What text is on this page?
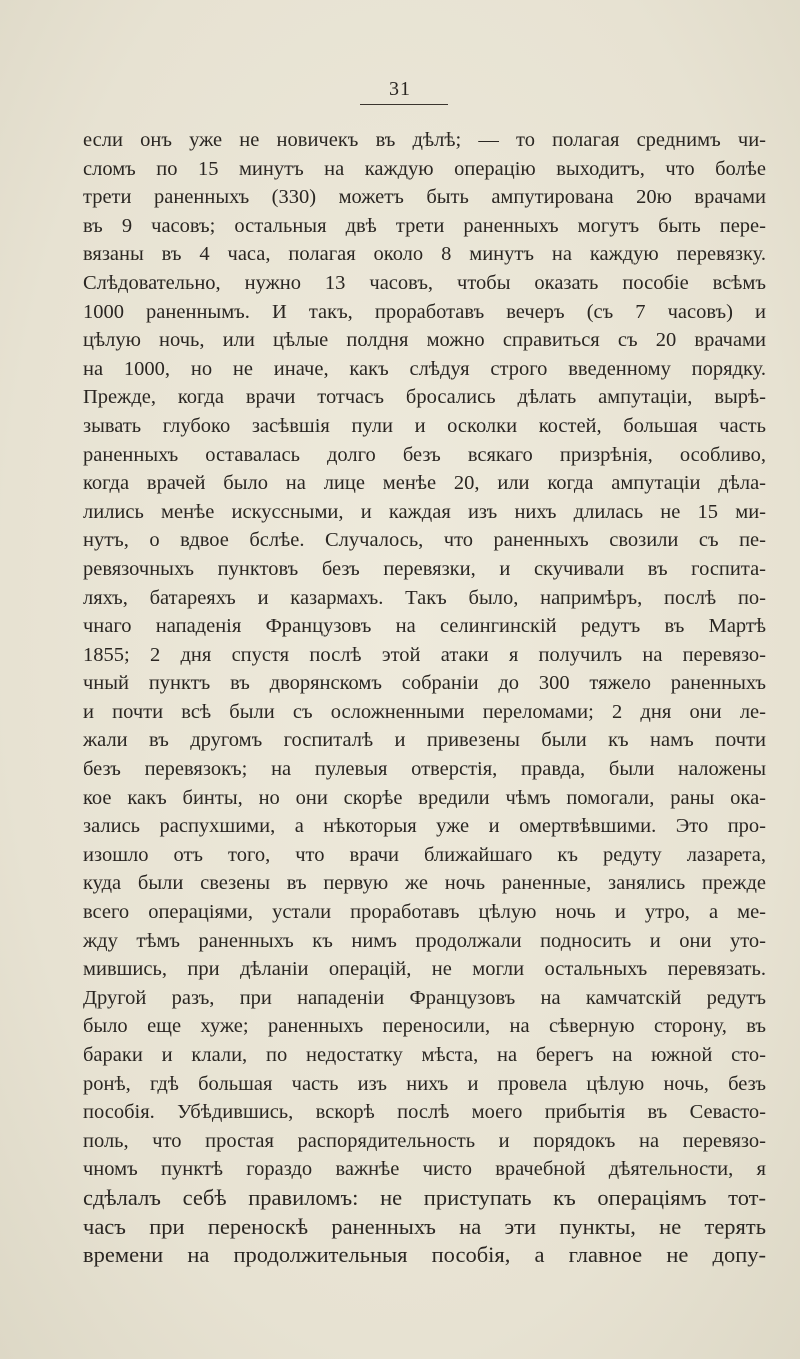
31
если онъ уже не новичекъ въ дѣлѣ; — то полагая среднимъ чи-
сломъ по 15 минутъ на каждую операцію выходитъ, что болѣе
трети раненныхъ (330) можетъ быть ампутирована 20ю врачами
въ 9 часовъ; остальныя двѣ трети раненныхъ могутъ быть пере-
вязаны въ 4 часа, полагая около 8 минутъ на каждую перевязку.
Слѣдовательно, нужно 13 часовъ, чтобы оказать пособіе всѣмъ
1000 раненнымъ. И такъ, проработавъ вечеръ (съ 7 часовъ) и
цѣлую ночь, или цѣлые полдня можно справиться съ 20 врачами
на 1000, но не иначе, какъ слѣдуя строго введенному порядку.
Прежде, когда врачи тотчасъ бросались дѣлать ампутаціи, вырѣ-
зывать глубоко засѣвшія пули и осколки костей, большая часть
раненныхъ оставалась долго безъ всякаго призрѣнія, особливо,
когда врачей было на лице менѣе 20, или когда ампутаціи дѣла-
лились менѣе искуссными, и каждая изъ нихъ длилась не 15 ми-
нутъ, о вдвое бслѣе. Случалось, что раненныхъ свозили съ пе-
ревязочныхъ пунктовъ безъ перевязки, и скучивали въ госпита-
ляхъ, батареяхъ и казармахъ. Такъ было, напримѣръ, послѣ по-
чнаго нападенія Французовъ на селингинскій редутъ въ Мартѣ
1855; 2 дня спустя послѣ этой атаки я получилъ на перевязо-
чный пунктъ въ дворянскомъ собраніи до 300 тяжело раненныхъ
и почти всѣ были съ осложненными переломами; 2 дня они ле-
жали въ другомъ госпиталѣ и привезены были къ намъ почти
безъ перевязокъ; на пулевыя отверстія, правда, были наложены
кое какъ бинты, но они скорѣе вредили чѣмъ помогали, раны ока-
зались распухшими, а нѣкоторыя уже и омертвѣвшими. Это про-
изошло отъ того, что врачи ближайшаго къ редуту лазарета,
куда были свезены въ первую же ночь раненные, занялись прежде
всего операціями, устали проработавъ цѣлую ночь и утро, а ме-
жду тѣмъ раненныхъ къ нимъ продолжали подносить и они уто-
мившись, при дѣланіи операцій, не могли остальныхъ перевязать.
Другой разъ, при нападеніи Французовъ на камчатскій редутъ
было еще хуже; раненныхъ переносили, на сѣверную сторону, въ
бараки и клали, по недостатку мѣста, на берегъ на южной сто-
ронѣ, гдѣ большая часть изъ нихъ и провела цѣлую ночь, безъ
пособія. Убѣдившись, вскорѣ послѣ моего прибытія въ Севасто-
поль, что простая распорядительность и порядокъ на перевязо-
чномъ пунктѣ гораздо важнѣе чисто врачебной дѣятельности, я
сдѣлалъ себѣ правиломъ: не приступать къ операціямъ тот-
часъ при переноскѣ раненныхъ на эти пункты, не терять
времени на продолжительныя пособія, а главное не допу-
